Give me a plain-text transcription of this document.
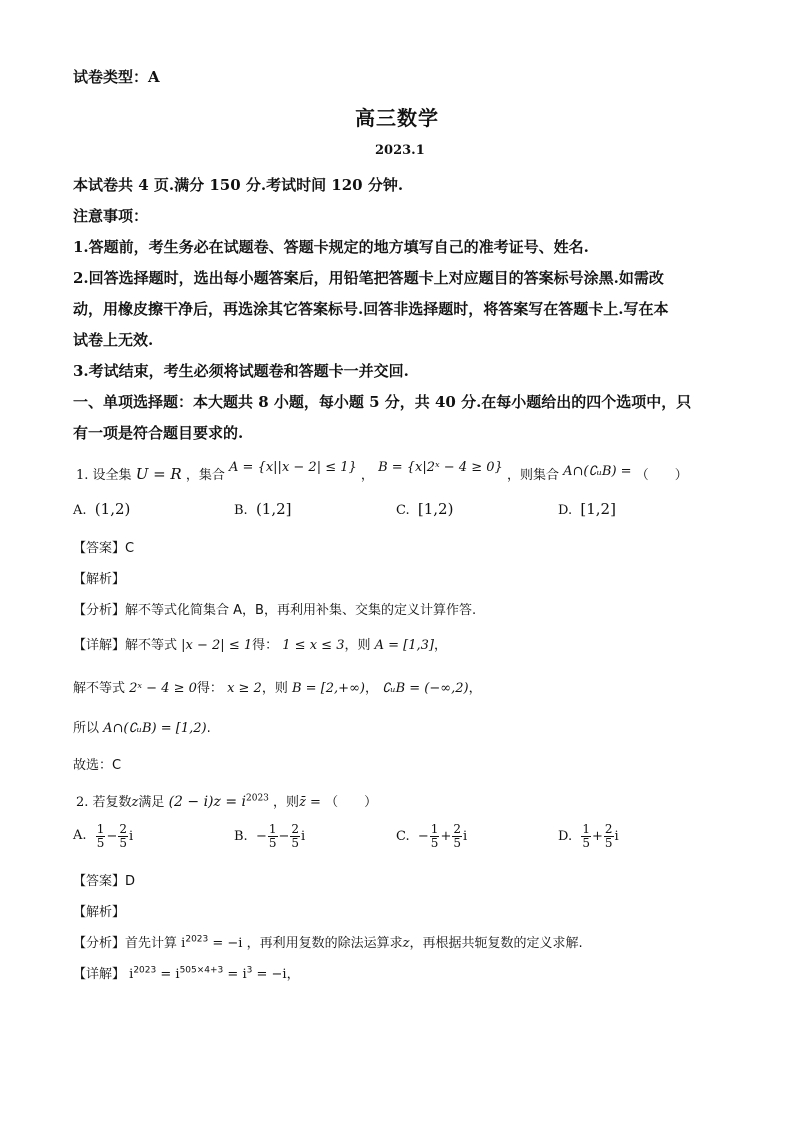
试卷类型：A
高三数学
2023.1
本试卷共 4 页.满分 150 分.考试时间 120 分钟.
注意事项：
1.答题前，考生务必在试题卷、答题卡规定的地方填写自己的准考证号、姓名.
2.回答选择题时，选出每小题答案后，用铅笔把答题卡上对应题目的答案标号涂黑.如需改
动，用橡皮擦干净后，再选涂其它答案标号.回答非选择题时，将答案写在答题卡上.写在本
试卷上无效.
3.考试结束，考生必须将试题卷和答题卡一并交回.
一、单项选择题：本大题共 8 小题，每小题 5 分，共 40 分.在每小题给出的四个选项中，只
有一项是符合题目要求的.
1. 设全集 U = R ，集合 A = {x||x − 2| ≤ 1} ， B = {x|2ˣ − 4 ≥ 0} ，则集合 A∩(∁ᵤB) = （　　）
A. (1,2)	B. (1,2]	C. [1,2)	D. [1,2]
【答案】C
【解析】
【分析】解不等式化简集合 A，B，再利用补集、交集的定义计算作答.
【详解】解不等式 |x − 2| ≤ 1得： 1 ≤ x ≤ 3，则 A = [1,3]，
解不等式 2ˣ − 4 ≥ 0得： x ≥ 2，则 B = [2,+∞)， ∁ᵤB = (−∞,2)，
所以 A∩(∁ᵤB) = [1,2).
故选：C
2. 若复数z满足 $(2 - i)z = i^{2023}$ ，则z̄ = （　　）
A. $\frac{1}{5} - \frac{2}{5}$ i	B. − $\frac{1}{5} - \frac{2}{5}$ i	C. − $\frac{1}{5} + \frac{2}{5}$ i	D. $\frac{1}{5} + \frac{2}{5}$ i
【答案】D
【解析】
【分析】首先计算 $i^{2023} = -i$ ，再利用复数的除法运算求z，再根据共轭复数的定义求解.
【详解】 $i^{2023} = i^{505\times 4+3} = i^3 = -i$，
